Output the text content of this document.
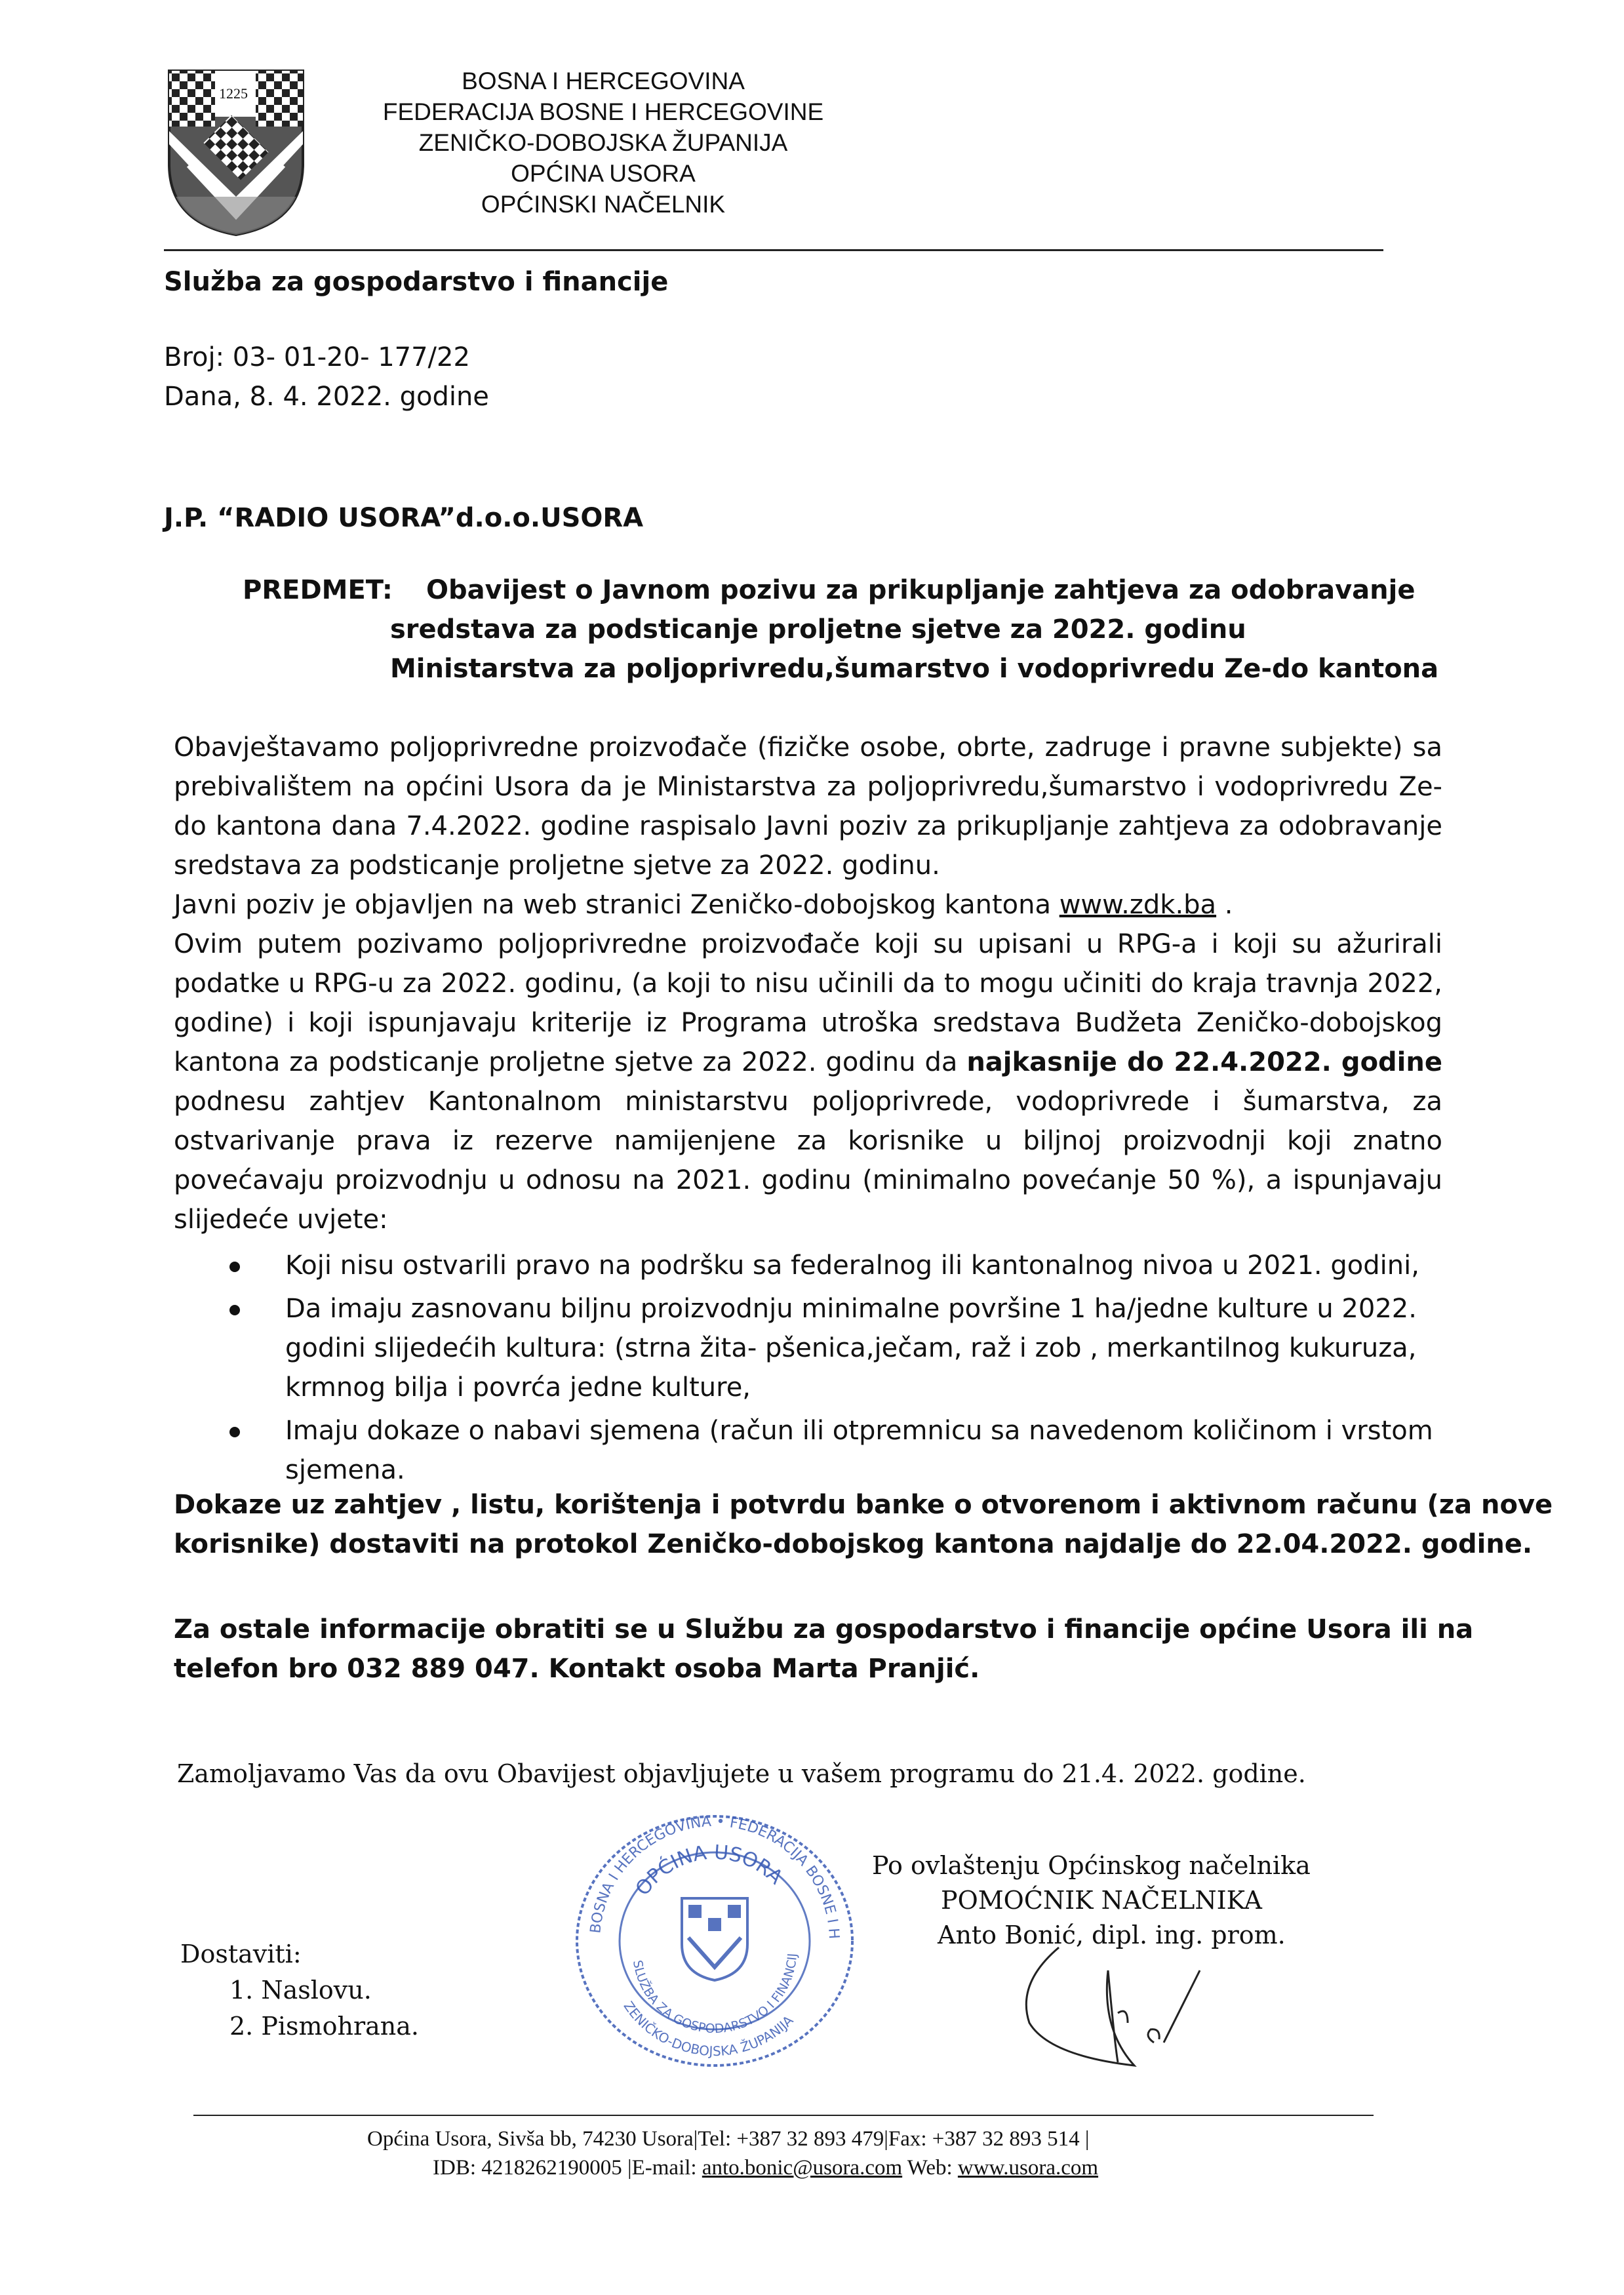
1225	BOSNA I HERCEGOVINA
FEDERACIJA BOSNE I HERCEGOVINE
ZENIČKO-DOBOJSKA ŽUPANIJA
OPĆINA USORA
OPĆINSKI NAČELNIK
Služba za gospodarstvo i financije
Broj: 03- 01-20- 177/22
Dana, 8. 4. 2022. godine
J.P. “RADIO USORA”d.o.o.USORA
PREDMET: Obavijest o Javnom pozivu za prikupljanje zahtjeva za odobravanje
sredstava za podsticanje proljetne sjetve za 2022. godinu
Ministarstva za poljoprivredu,šumarstvo i vodoprivredu Ze-do kantona

Obavještavamo poljoprivredne proizvođače (fizičke osobe, obrte, zadruge i pravne subjekte) sa

prebivalištem na općini Usora da je Ministarstva za poljoprivredu,šumarstvo i vodoprivredu Ze-

do kantona dana 7.4.2022. godine raspisalo Javni poziv za prikupljanje zahtjeva za odobravanje

sredstava za podsticanje proljetne sjetve za 2022. godinu.

Javni poziv je objavljen na web stranici Zeničko-dobojskog kantona www.zdk.ba .

Ovim putem pozivamo poljoprivredne proizvođače koji su upisani u RPG-a i koji su ažurirali

podatke u RPG-u za 2022. godinu, (a koji to nisu učinili da to mogu učiniti do kraja travnja 2022,

godine) i koji ispunjavaju kriterije iz Programa utroška sredstava Budžeta Zeničko-dobojskog

kantona za podsticanje proljetne sjetve za 2022. godinu da najkasnije do 22.4.2022. godine

podnesu zahtjev Kantonalnom ministarstvu poljoprivrede, vodoprivrede i šumarstva, za

ostvarivanje prava iz rezerve namijenjene za korisnike u biljnoj proizvodnji koji znatno

povećavaju proizvodnju u odnosu na 2021. godinu (minimalno povećanje 50 %), a ispunjavaju

slijedeće uvjete:

Koji nisu ostvarili pravo na podršku sa federalnog ili kantonalnog nivoa u 2021. godini,
Da imaju zasnovanu biljnu proizvodnju minimalne površine 1 ha/jedne kulture u 2022.
godini slijedećih kultura: (strna žita- pšenica,ječam, raž i zob , merkantilnog kukuruza,
krmnog bilja i povrća jedne kulture,
Imaju dokaze o nabavi sjemena (račun ili otpremnicu sa navedenom količinom i vrstom
sjemena.
Dokaze uz zahtjev , listu, korištenja i potvrdu banke o otvorenom i aktivnom računu (za nove
korisnike) dostaviti na protokol Zeničko-dobojskog kantona najdalje do 22.04.2022. godine.
Za ostale informacije obratiti se u Službu za gospodarstvo i financije općine Usora ili na
telefon bro 032 889 047. Kontakt osoba Marta Pranjić.
Zamoljavamo Vas da ovu Obavijest objavljujete u vašem programu do 21.4. 2022. godine.
BOSNA I HERCEGOVINA • FEDERACIJA BOSNE I H
OPĆINA USORA
SLUŽBA ZA GOSPODARSTVO I FINANCIJ
ZENIČKO-DOBOJSKA ŽUPANIJA
Po ovlaštenju Općinskog načelnika
POMOĆNIK NAČELNIKA
Anto Bonić, dipl. ing. prom.
Dostaviti:
1. Naslovu.
2. Pismohrana.
Općina Usora, Sivša bb, 74230 Usora|Tel: +387 32 893 479|Fax: +387 32 893 514 |
IDB: 4218262190005 |E-mail: anto.bonic@usora.com Web: www.usora.com
